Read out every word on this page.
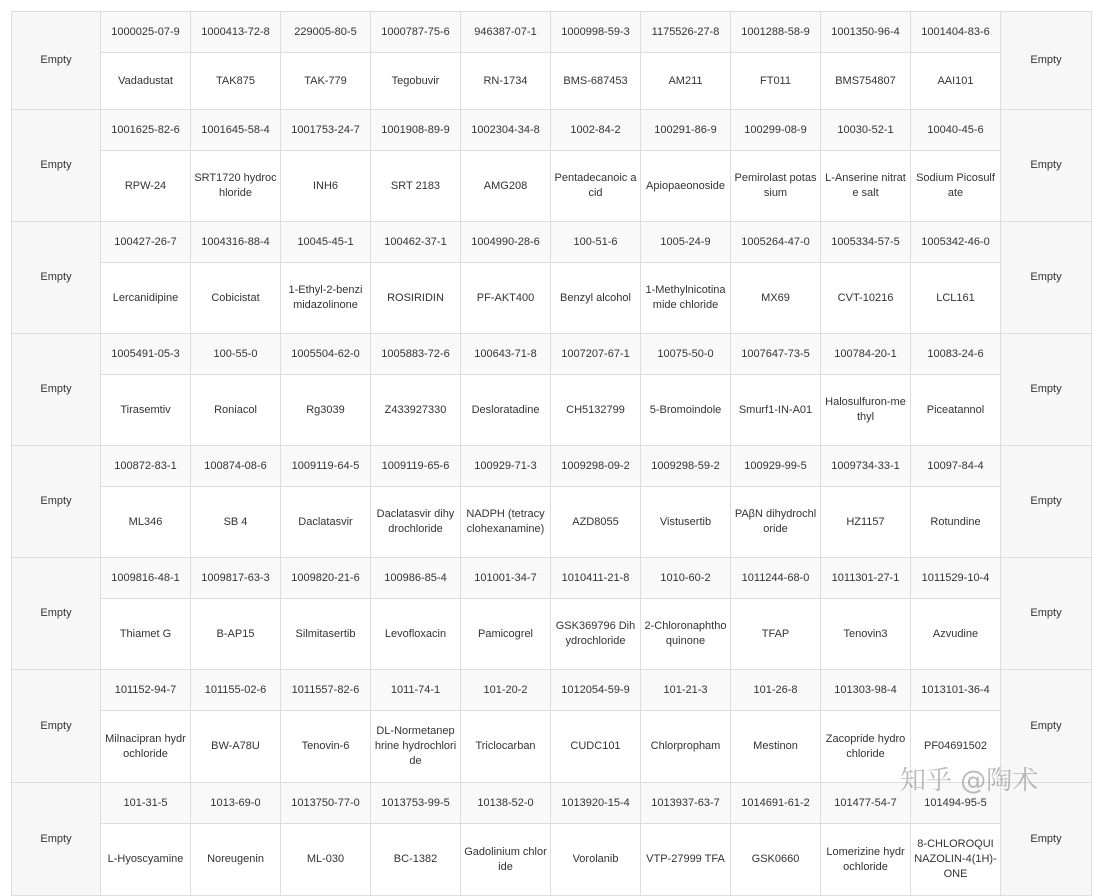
Empty	1000025-07-9	1000413-72-8	229005-80-5	1000787-75-6	946387-07-1	1000998-59-3	1175526-27-8	1001288-58-9	1001350-96-4	1001404-83-6	Empty
	Vadadustat	TAK875	TAK-779	Tegobuvir	RN-1734	BMS-687453	AM211	FT011	BMS754807	AAI101	
Empty	1001625-82-6	1001645-58-4	1001753-24-7	1001908-89-9	1002304-34-8	1002-84-2	100291-86-9	100299-08-9	10030-52-1	10040-45-6	Empty
	RPW-24	SRT1720 hydrochloride	INH6	SRT 2183	AMG208	Pentadecanoic acid	Apiopaeonoside	Pemirolast potassium	L-Anserine nitrate salt	Sodium Picosulfate	
Empty	100427-26-7	1004316-88-4	10045-45-1	100462-37-1	1004990-28-6	100-51-6	1005-24-9	1005264-47-0	1005334-57-5	1005342-46-0	Empty
	Lercanidipine	Cobicistat	1-Ethyl-2-benzimidazolinone	ROSIRIDIN	PF-AKT400	Benzyl alcohol	1-Methylnicotinamide chloride	MX69	CVT-10216	LCL161	
Empty	1005491-05-3	100-55-0	1005504-62-0	1005883-72-6	100643-71-8	1007207-67-1	10075-50-0	1007647-73-5	100784-20-1	10083-24-6	Empty
	Tirasemtiv	Roniacol	Rg3039	Z433927330	Desloratadine	CH5132799	5-Bromoindole	Smurf1-IN-A01	Halosulfuron-methyl	Piceatannol	
Empty	100872-83-1	100874-08-6	1009119-64-5	1009119-65-6	100929-71-3	1009298-09-2	1009298-59-2	100929-99-5	1009734-33-1	10097-84-4	Empty
	ML346	SB 4	Daclatasvir	Daclatasvir dihydrochloride	NADPH (tetracyclohexanamine)	AZD8055	Vistusertib	PAβN dihydrochloride	HZ1157	Rotundine	
Empty	1009816-48-1	1009817-63-3	1009820-21-6	100986-85-4	101001-34-7	1010411-21-8	1010-60-2	1011244-68-0	1011301-27-1	1011529-10-4	Empty
	Thiamet G	B-AP15	Silmitasertib	Levofloxacin	Pamicogrel	GSK369796 Dihydrochloride	2-Chloronaphthoquinone	TFAP	Tenovin3	Azvudine	
Empty	101152-94-7	101155-02-6	1011557-82-6	1011-74-1	101-20-2	1012054-59-9	101-21-3	101-26-8	101303-98-4	1013101-36-4	Empty
	Milnacipran hydrochloride	BW-A78U	Tenovin-6	DL-Normetanephrine hydrochloride	Triclocarban	CUDC101	Chlorpropham	Mestinon	Zacopride hydrochloride	PF04691502	
Empty	101-31-5	1013-69-0	1013750-77-0	1013753-99-5	10138-52-0	1013920-15-4	1013937-63-7	1014691-61-2	101477-54-7	101494-95-5	Empty
	L-Hyoscyamine	Noreugenin	ML-030	BC-1382	Gadolinium chloride	Vorolanib	VTP-27999 TFA	GSK0660	Lomerizine hydrochloride	8-CHLOROQUINAZOLIN-4(1H)-ONE	
知乎 @陶术
